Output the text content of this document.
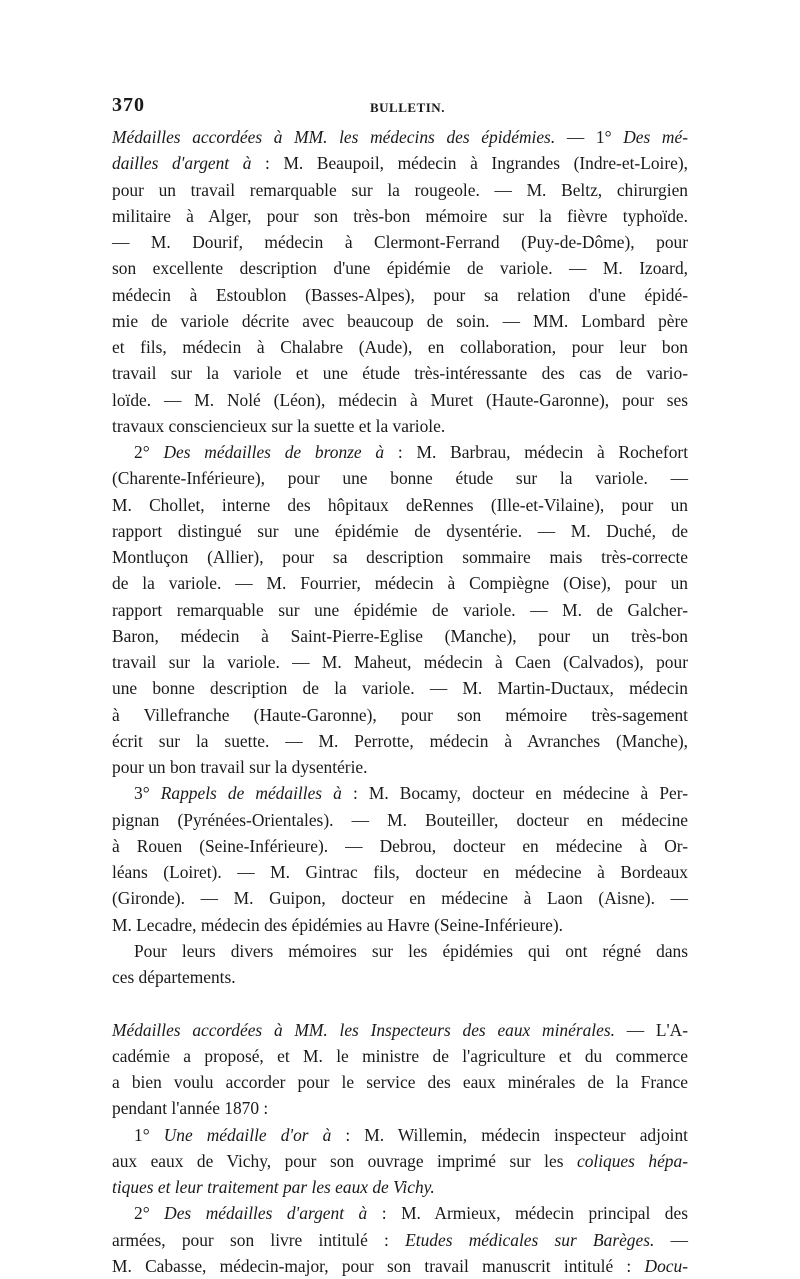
370	BULLETIN.
Médailles accordées à MM. les médecins des épidémies. — 1° Des mé-
dailles d'argent à : M. Beaupoil, médecin à Ingrandes (Indre-et-Loire),
pour un travail remarquable sur la rougeole. — M. Beltz, chirurgien
militaire à Alger, pour son très-bon mémoire sur la fièvre typhoïde.
— M. Dourif, médecin à Clermont-Ferrand (Puy-de-Dôme), pour
son excellente description d'une épidémie de variole. — M. Izoard,
médecin à Estoublon (Basses-Alpes), pour sa relation d'une épidé-
mie de variole décrite avec beaucoup de soin. — MM. Lombard père
et fils, médecin à Chalabre (Aude), en collaboration, pour leur bon
travail sur la variole et une étude très-intéressante des cas de vario-
loïde. — M. Nolé (Léon), médecin à Muret (Haute-Garonne), pour ses
travaux consciencieux sur la suette et la variole.
2° Des médailles de bronze à : M. Barbrau, médecin à Rochefort
(Charente-Inférieure), pour une bonne étude sur la variole. —
M. Chollet, interne des hôpitaux deRennes (Ille-et-Vilaine), pour un
rapport distingué sur une épidémie de dysentérie. — M. Duché, de
Montluçon (Allier), pour sa description sommaire mais très-correcte
de la variole. — M. Fourrier, médecin à Compiègne (Oise), pour un
rapport remarquable sur une épidémie de variole. — M. de Galcher-
Baron, médecin à Saint-Pierre-Eglise (Manche), pour un très-bon
travail sur la variole. — M. Maheut, médecin à Caen (Calvados), pour
une bonne description de la variole. — M. Martin-Ductaux, médecin
à Villefranche (Haute-Garonne), pour son mémoire très-sagement
écrit sur la suette. — M. Perrotte, médecin à Avranches (Manche),
pour un bon travail sur la dysentérie.
3° Rappels de médailles à : M. Bocamy, docteur en médecine à Per-
pignan (Pyrénées-Orientales). — M. Bouteiller, docteur en médecine
à Rouen (Seine-Inférieure). — Debrou, docteur en médecine à Or-
léans (Loiret). — M. Gintrac fils, docteur en médecine à Bordeaux
(Gironde). — M. Guipon, docteur en médecine à Laon (Aisne). —
M. Lecadre, médecin des épidémies au Havre (Seine-Inférieure).
Pour leurs divers mémoires sur les épidémies qui ont régné dans
ces départements.
Médailles accordées à MM. les Inspecteurs des eaux minérales. — L'A-
cadémie a proposé, et M. le ministre de l'agriculture et du commerce
a bien voulu accorder pour le service des eaux minérales de la France
pendant l'année 1870 :
1° Une médaille d'or à : M. Willemin, médecin inspecteur adjoint
aux eaux de Vichy, pour son ouvrage imprimé sur les coliques hépa-
tiques et leur traitement par les eaux de Vichy.
2° Des médailles d'argent à : M. Armieux, médecin principal des
armées, pour son livre intitulé : Etudes médicales sur Barèges. —
M. Cabasse, médecin-major, pour son travail manuscrit intitulé : Docu-
